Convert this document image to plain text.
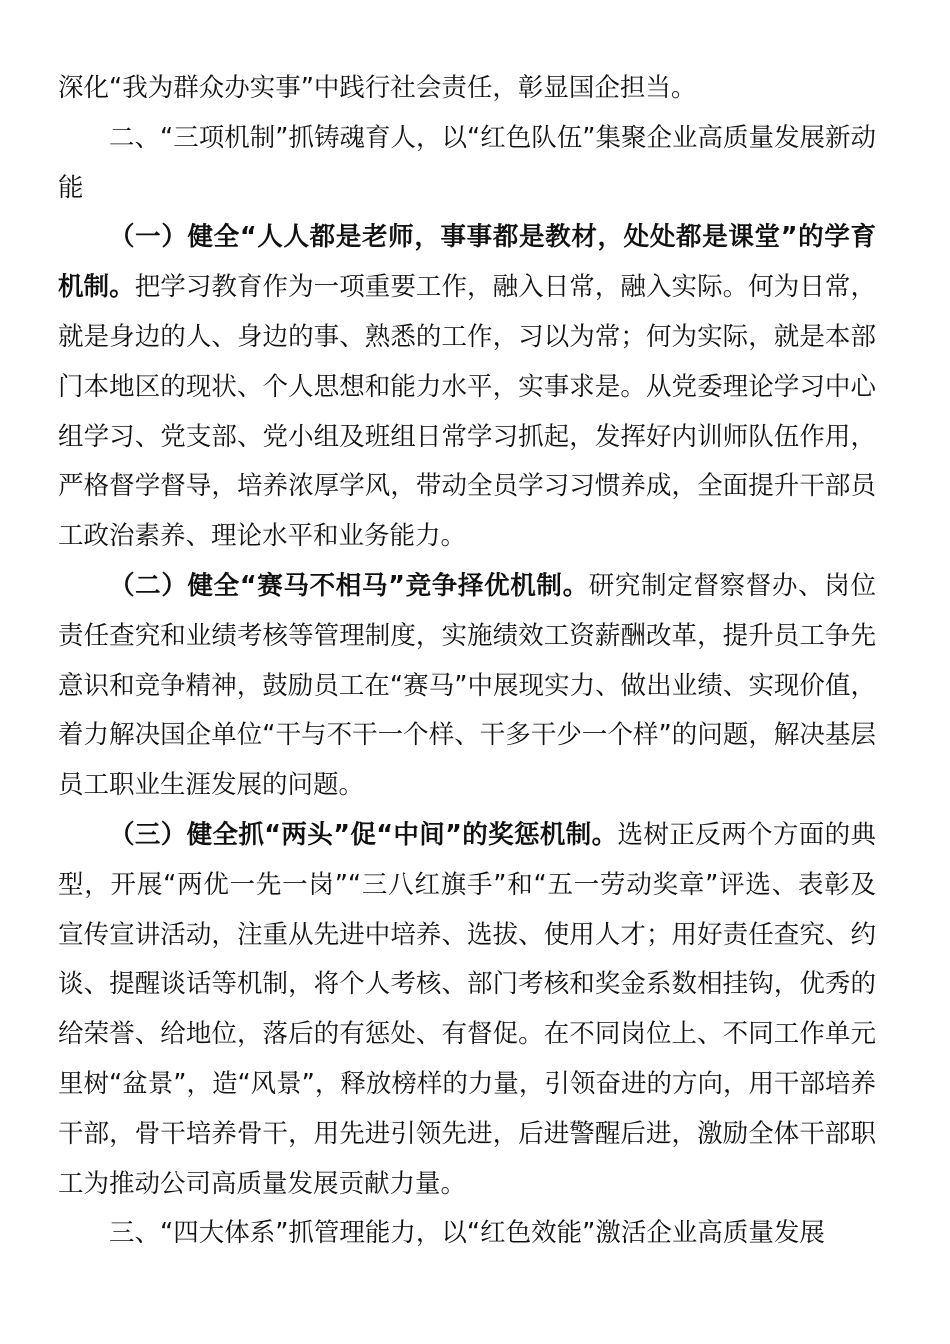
深化“我为群众办实事”中践行社会责任，彰显国企担当。

二、“三项机制”抓铸魂育人，以“红色队伍”集聚企业高质量发展新动能

（一）健全“人人都是老师，事事都是教材，处处都是课堂”的学育机制。把学习教育作为一项重要工作，融入日常，融入实际。何为日常，就是身边的人、身边的事、熟悉的工作，习以为常；何为实际，就是本部门本地区的现状、个人思想和能力水平，实事求是。从党委理论学习中心组学习、党支部、党小组及班组日常学习抓起，发挥好内训师队伍作用，严格督学督导，培养浓厚学风，带动全员学习习惯养成，全面提升干部员工政治素养、理论水平和业务能力。

（二）健全“赛马不相马”竞争择优机制。研究制定督察督办、岗位责任查究和业绩考核等管理制度，实施绩效工资薪酬改革，提升员工争先意识和竞争精神，鼓励员工在“赛马”中展现实力、做出业绩、实现价值，着力解决国企单位“干与不干一个样、干多干少一个样”的问题，解决基层员工职业生涯发展的问题。

（三）健全抓“两头”促“中间”的奖惩机制。选树正反两个方面的典型，开展“两优一先一岗”“三八红旗手”和“五一劳动奖章”评选、表彰及宣传宣讲活动，注重从先进中培养、选拔、使用人才；用好责任查究、约谈、提醒谈话等机制，将个人考核、部门考核和奖金系数相挂钩，优秀的给荣誉、给地位，落后的有惩处、有督促。在不同岗位上、不同工作单元里树“盆景”，造“风景”，释放榜样的力量，引领奋进的方向，用干部培养干部，骨干培养骨干，用先进引领先进，后进警醒后进，激励全体干部职工为推动公司高质量发展贡献力量。

三、“四大体系”抓管理能力，以“红色效能”激活企业高质量发展
